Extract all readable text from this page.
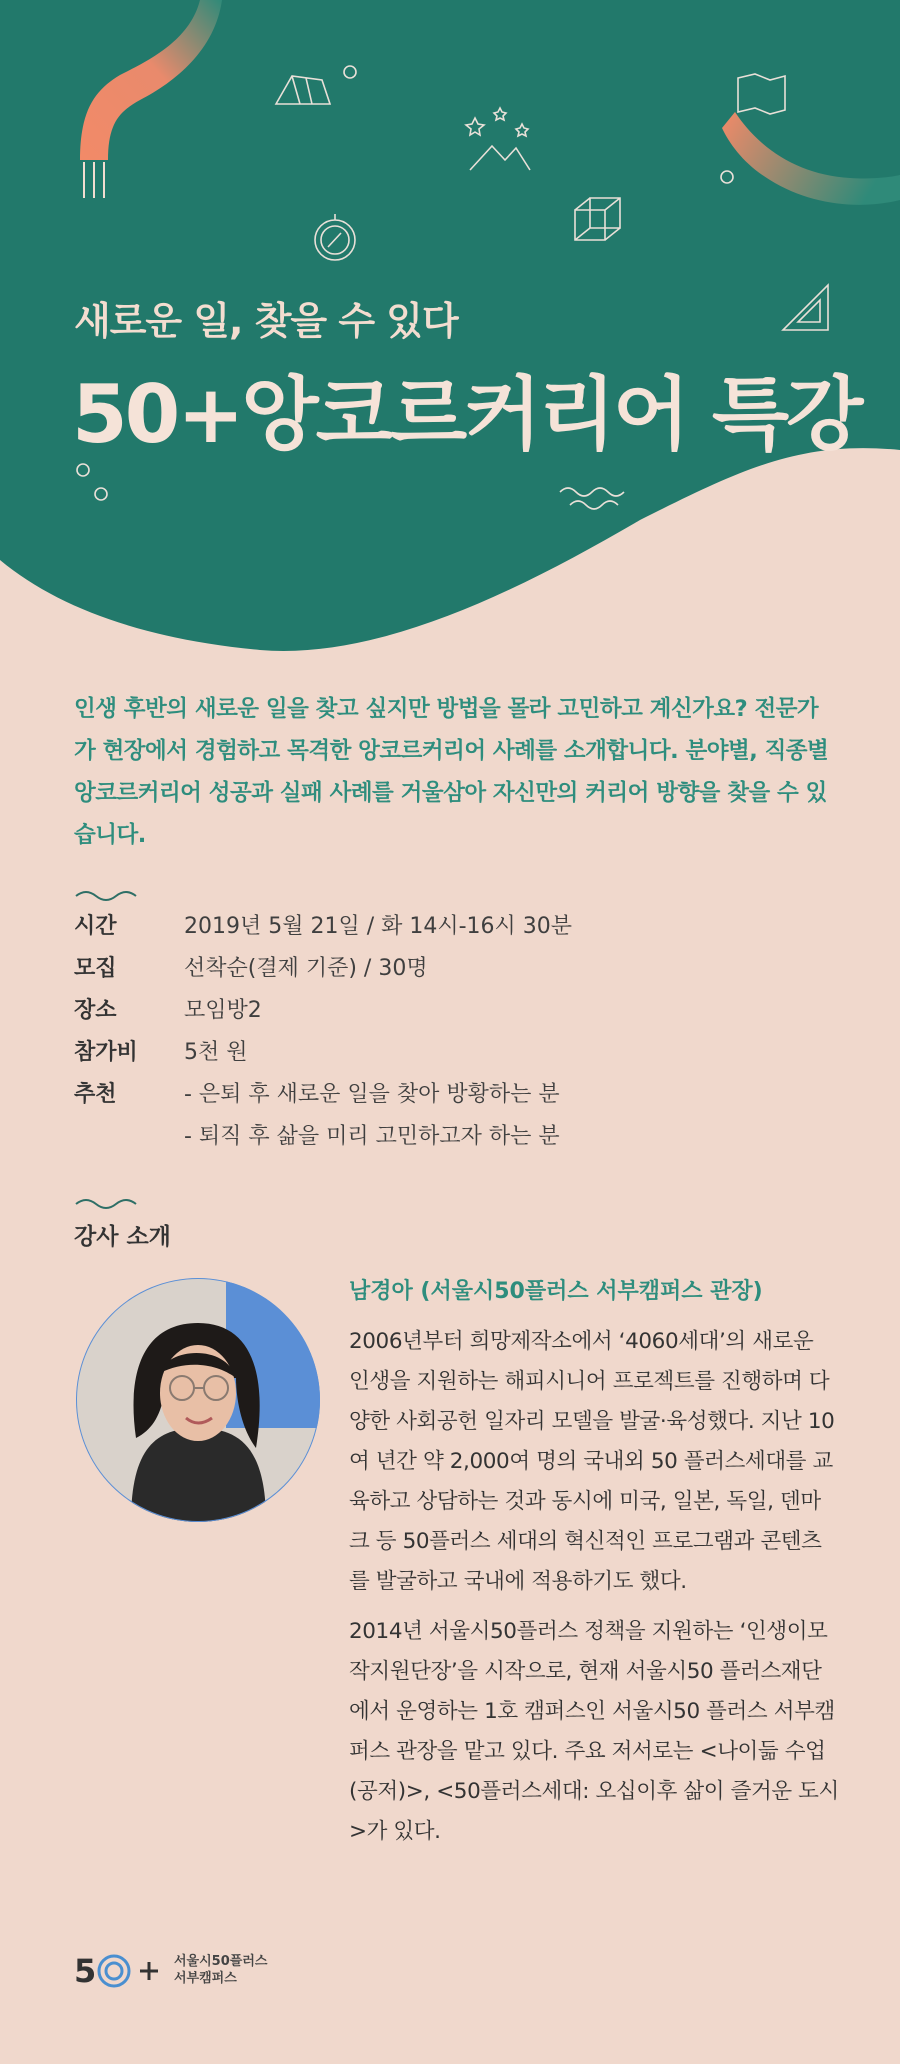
새로운 일, 찾을 수 있다
50+앙코르커리어 특강
인생 후반의 새로운 일을 찾고 싶지만 방법을 몰라 고민하고 계신가요? 전문가가 현장에서 경험하고 목격한 앙코르커리어 사례를 소개합니다. 분야별, 직종별 앙코르커리어 성공과 실패 사례를 거울삼아 자신만의 커리어 방향을 찾을 수 있습니다.
시간	2019년 5월 21일 / 화 14시-16시 30분
모집	선착순(결제 기준) / 30명
장소	모임방2
참가비	5천 원
추천	- 은퇴 후 새로운 일을 찾아 방황하는 분
- 퇴직 후 삶을 미리 고민하고자 하는 분
강사 소개
남경아 (서울시50플러스 서부캠퍼스 관장)

2006년부터 희망제작소에서 ‘4060세대’의 새로운 인생을 지원하는 해피시니어 프로젝트를 진행하며 다양한 사회공헌 일자리 모델을 발굴·육성했다. 지난 10여 년간 약 2,000여 명의 국내외 50 플러스세대를 교육하고 상담하는 것과 동시에 미국, 일본, 독일, 덴마크 등 50플러스 세대의 혁신적인 프로그램과 콘텐츠를 발굴하고 국내에 적용하기도 했다.

2014년 서울시50플러스 정책을 지원하는 ‘인생이모작지원단장’을 시작으로, 현재 서울시50 플러스재단에서 운영하는 1호 캠퍼스인 서울시50 플러스 서부캠퍼스 관장을 맡고 있다. 주요 저서로는 <나이듦 수업(공저)>, <50플러스세대: 오십이후 삶이 즐거운 도시>가 있다.

5	서울시50플러스
서부캠퍼스
